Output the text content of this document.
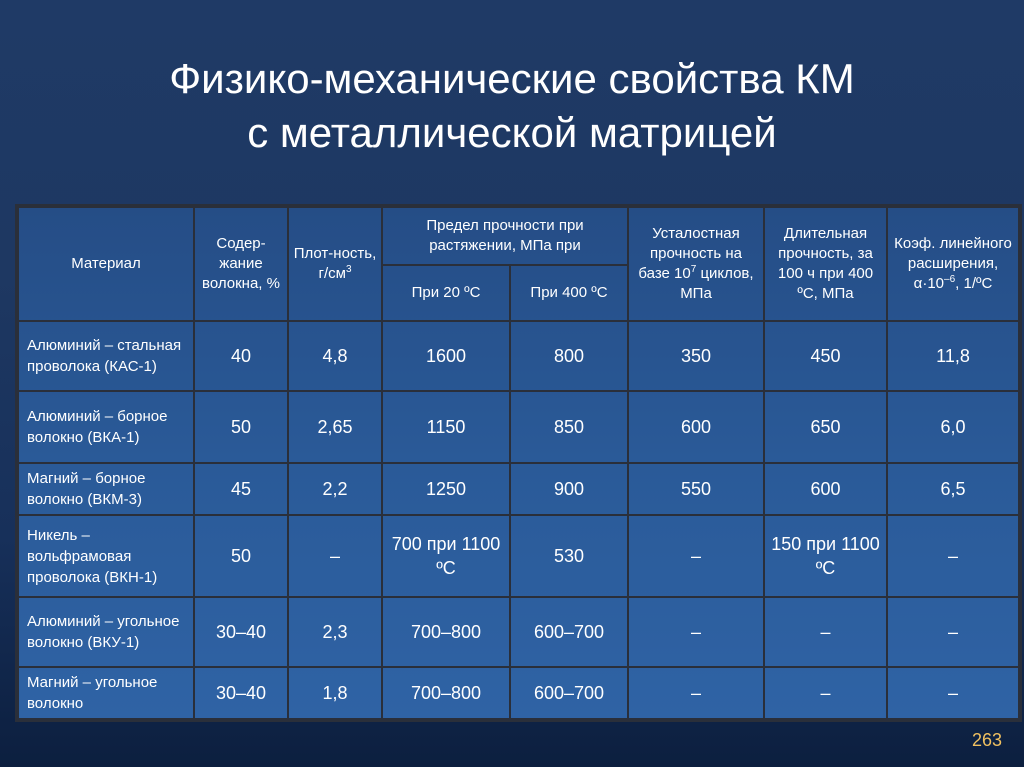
Физико-механические свойства КМ
с металлической матрицей
Материал	Содер-жание волокна, %	Плот-ность, $г/см^3$	Предел прочности при растяжении, МПа при		Усталостная прочность на базе $10^7$ циклов, МПа	Длительная прочность, за 100 ч при 400 ºС, МПа	Коэф. линейного расширения,
$\alpha\cdot 10^{-6}$, 1/ºС
			При 20 ºС	При 400 ºС			
Алюминий – стальная проволока (КАС-1)	40	4,8	1600	800	350	450	11,8
Алюминий – борное волокно (ВКА-1)	50	2,65	1150	850	600	650	6,0
Магний – борное волокно (ВКМ-3)	45	2,2	1250	900	550	600	6,5
Никель – вольфрамовая проволока (ВКН-1)	50	–	700 при 1100 ºС	530	–	150 при 1100 ºС	–
Алюминий – угольное волокно (ВКУ-1)	30–40	2,3	700–800	600–700	–	–	–
Магний – угольное волокно	30–40	1,8	700–800	600–700	–	–	–
263
